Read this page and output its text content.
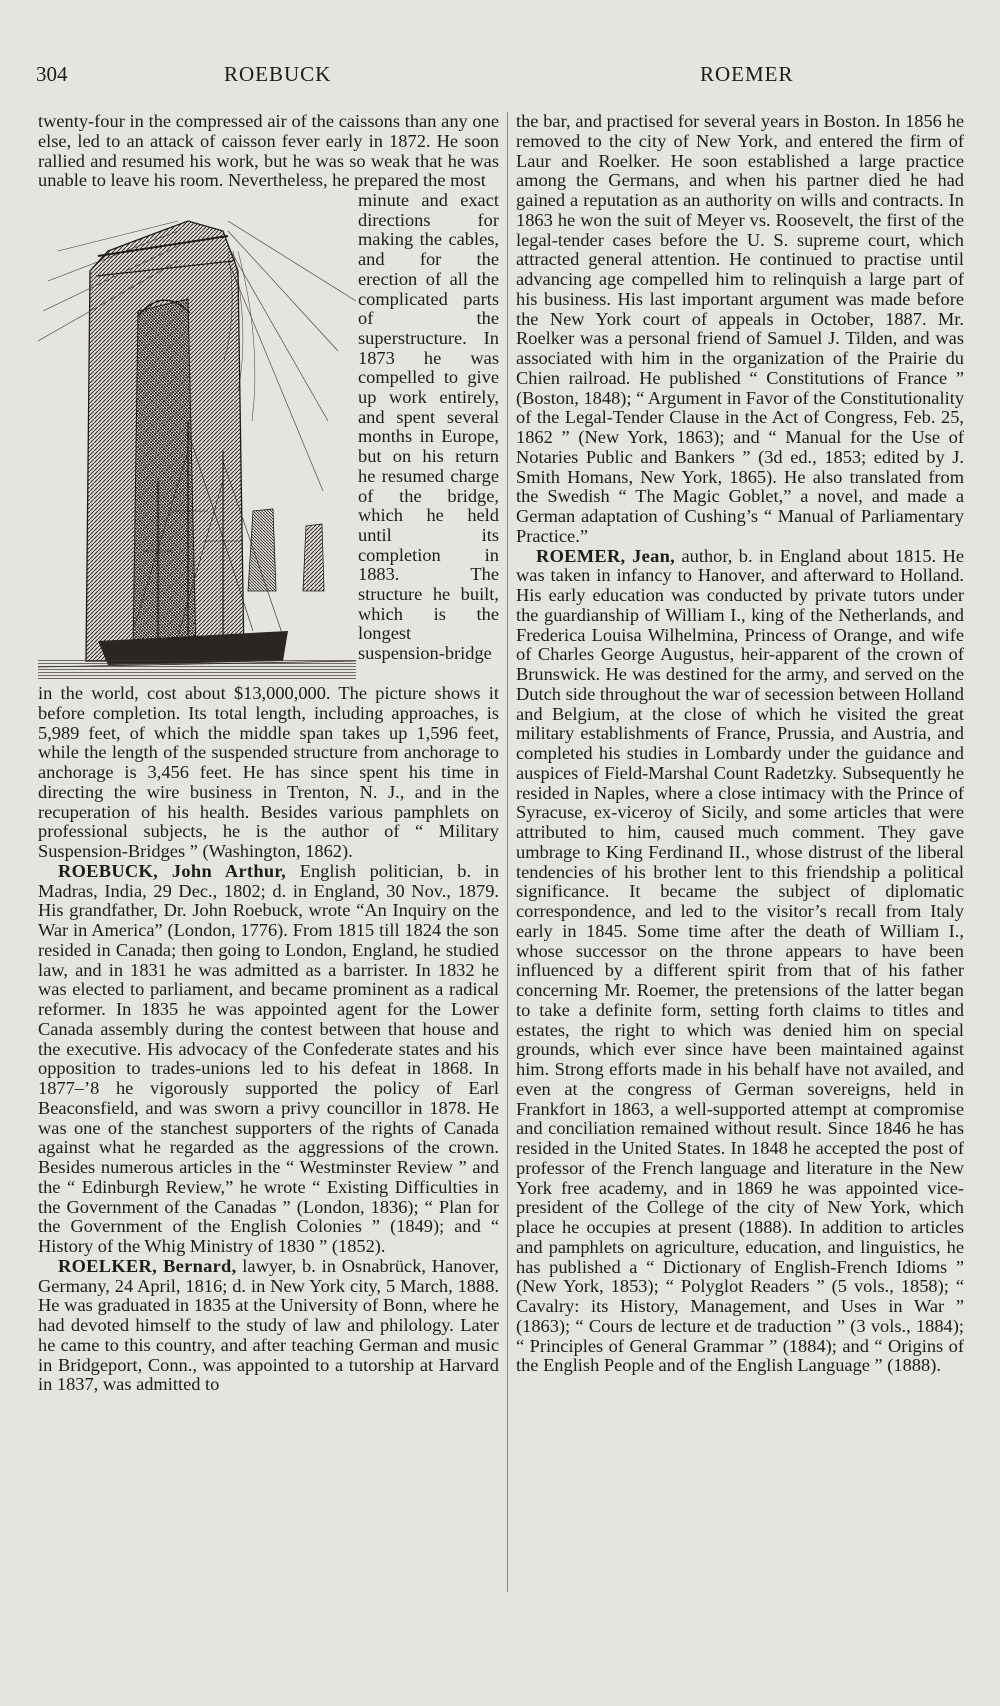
304	ROEBUCK	ROEMER

twenty-four in the compressed air of the caissons than any one else, led to an attack of caisson fever early in 1872. He soon rallied and resumed his work, but he was so weak that he was unable to leave his room. Nevertheless, he prepared the most

minute and exact directions for making the cables, and for the erection of all the complicated parts of the superstructure. In 1873 he was compelled to give up work entirely, and spent several months in Europe, but on his return he resumed charge of the bridge, which he held until its completion in 1883. The structure he built, which is the longest suspension-bridge

in the world, cost about $13,000,000. The picture shows it before completion. Its total length, including approaches, is 5,989 feet, of which the middle span takes up 1,596 feet, while the length of the suspended structure from anchorage to anchorage is 3,456 feet. He has since spent his time in directing the wire business in Trenton, N. J., and in the recuperation of his health. Besides various pamphlets on professional subjects, he is the author of “ Military Suspension-Bridges ” (Washington, 1862).

ROEBUCK, John Arthur, English politician, b. in Madras, India, 29 Dec., 1802; d. in England, 30 Nov., 1879. His grandfather, Dr. John Roebuck, wrote “An Inquiry on the War in America” (London, 1776). From 1815 till 1824 the son resided in Canada; then going to London, England, he studied law, and in 1831 he was admitted as a barrister. In 1832 he was elected to parliament, and became prominent as a radical reformer. In 1835 he was appointed agent for the Lower Canada assembly during the contest between that house and the executive. His advocacy of the Confederate states and his opposition to trades-unions led to his defeat in 1868. In 1877–’8 he vigorously supported the policy of Earl Beaconsfield, and was sworn a privy councillor in 1878. He was one of the stanchest supporters of the rights of Canada against what he regarded as the aggressions of the crown. Besides numerous articles in the “ Westminster Review ” and the “ Edinburgh Review,” he wrote “ Existing Difficulties in the Government of the Canadas ” (London, 1836); “ Plan for the Government of the English Colonies ” (1849); and “ History of the Whig Ministry of 1830 ” (1852).

ROELKER, Bernard, lawyer, b. in Osnabrück, Hanover, Germany, 24 April, 1816; d. in New York city, 5 March, 1888. He was graduated in 1835 at the University of Bonn, where he had devoted himself to the study of law and philology. Later he came to this country, and after teaching German and music in Bridgeport, Conn., was appointed to a tutorship at Harvard in 1837, was admitted to

the bar, and practised for several years in Boston. In 1856 he removed to the city of New York, and entered the firm of Laur and Roelker. He soon established a large practice among the Germans, and when his partner died he had gained a reputation as an authority on wills and contracts. In 1863 he won the suit of Meyer vs. Roosevelt, the first of the legal-tender cases before the U. S. supreme court, which attracted general attention. He continued to practise until advancing age compelled him to relinquish a large part of his business. His last important argument was made before the New York court of appeals in October, 1887. Mr. Roelker was a personal friend of Samuel J. Tilden, and was associated with him in the organization of the Prairie du Chien railroad. He published “ Constitutions of France ” (Boston, 1848); “ Argument in Favor of the Constitutionality of the Legal-Tender Clause in the Act of Congress, Feb. 25, 1862 ” (New York, 1863); and “ Manual for the Use of Notaries Public and Bankers ” (3d ed., 1853; edited by J. Smith Homans, New York, 1865). He also translated from the Swedish “ The Magic Goblet,” a novel, and made a German adaptation of Cushing’s “ Manual of Parliamentary Practice.”

ROEMER, Jean, author, b. in England about 1815. He was taken in infancy to Hanover, and afterward to Holland. His early education was conducted by private tutors under the guardianship of William I., king of the Netherlands, and Frederica Louisa Wilhelmina, Princess of Orange, and wife of Charles George Augustus, heir-apparent of the crown of Brunswick. He was destined for the army, and served on the Dutch side throughout the war of secession between Holland and Belgium, at the close of which he visited the great military establishments of France, Prussia, and Austria, and completed his studies in Lombardy under the guidance and auspices of Field-Marshal Count Radetzky. Subsequently he resided in Naples, where a close intimacy with the Prince of Syracuse, ex-viceroy of Sicily, and some articles that were attributed to him, caused much comment. They gave umbrage to King Ferdinand II., whose distrust of the liberal tendencies of his brother lent to this friendship a political significance. It became the subject of diplomatic correspondence, and led to the visitor’s recall from Italy early in 1845. Some time after the death of William I., whose successor on the throne appears to have been influenced by a different spirit from that of his father concerning Mr. Roemer, the pretensions of the latter began to take a definite form, setting forth claims to titles and estates, the right to which was denied him on special grounds, which ever since have been maintained against him. Strong efforts made in his behalf have not availed, and even at the congress of German sovereigns, held in Frankfort in 1863, a well-supported attempt at compromise and conciliation remained without result. Since 1846 he has resided in the United States. In 1848 he accepted the post of professor of the French language and literature in the New York free academy, and in 1869 he was appointed vice-president of the College of the city of New York, which place he occupies at present (1888). In addition to articles and pamphlets on agriculture, education, and linguistics, he has published a “ Dictionary of English-French Idioms ” (New York, 1853); “ Polyglot Readers ” (5 vols., 1858); “ Cavalry: its History, Management, and Uses in War ” (1863); “ Cours de lecture et de traduction ” (3 vols., 1884); “ Principles of General Grammar ” (1884); and “ Origins of the English People and of the English Language ” (1888).
